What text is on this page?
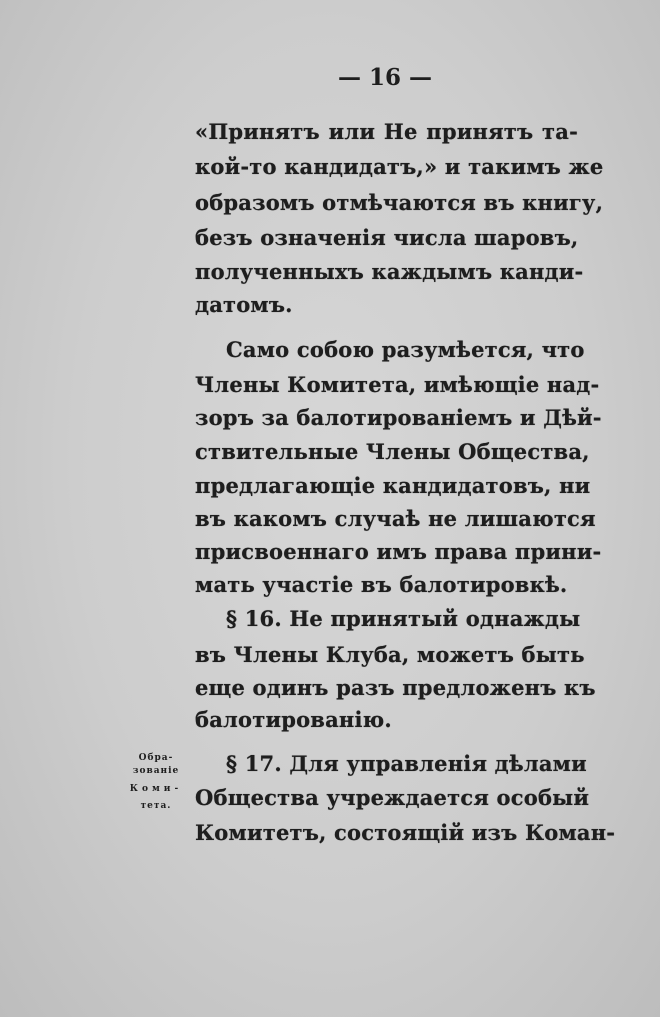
— 16 —
«Принятъ или Не принятъ та-
кой-то кандидатъ,» и такимъ же
образомъ отмѣчаются въ книгу,
безъ означенія числа шаровъ,
полученныхъ каждымъ канди-
датомъ.
Само собою разумѣется, что
Члены Комитета, имѣющіе над-
зоръ за балотированіемъ и Дѣй-
ствительные Члены Общества,
предлагающіе кандидатовъ, ни
въ какомъ случаѣ не лишаются
присвоеннаго имъ права прини-
мать участіе въ балотировкѣ.
§ 16. Не принятый однажды
въ Члены Клуба, можетъ быть
еще одинъ разъ предложенъ къ
балотированію.
§ 17. Для управленія дѣлами
Общества учреждается особый
Комитетъ, состоящій изъ Коман-
Обра-
зованіе
Коми-
тета.
